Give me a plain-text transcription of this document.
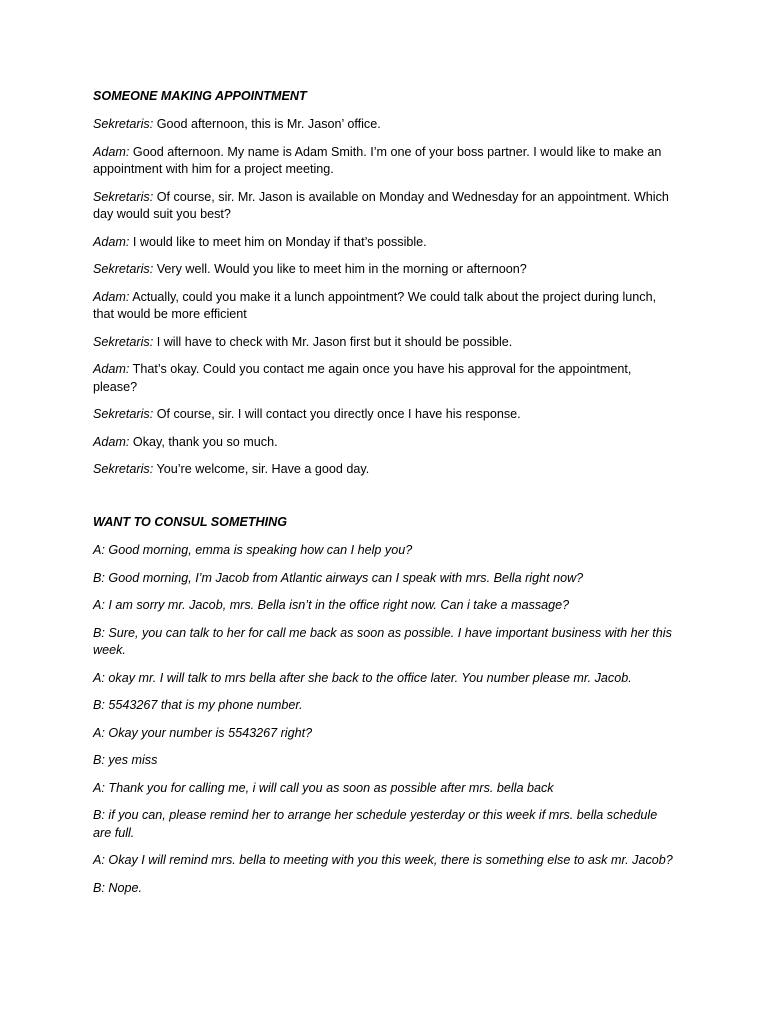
SOMEONE MAKING APPOINTMENT
Sekretaris: Good afternoon, this is Mr. Jason’ office.
Adam: Good afternoon. My name is Adam Smith. I’m one of your boss partner. I would like to make an appointment with him for a project meeting.
Sekretaris: Of course, sir. Mr. Jason is available on Monday and Wednesday for an appointment. Which day would suit you best?
Adam: I would like to meet him on Monday if that’s possible.
Sekretaris: Very well. Would you like to meet him in the morning or afternoon?
Adam: Actually, could you make it a lunch appointment? We could talk about the project during lunch, that would be more efficient
Sekretaris: I will have to check with Mr. Jason first but it should be possible.
Adam: That’s okay. Could you contact me again once you have his approval for the appointment, please?
Sekretaris: Of course, sir. I will contact you directly once I have his response.
Adam: Okay, thank you so much.
Sekretaris: You’re welcome, sir. Have a good day.
WANT TO CONSUL SOMETHING
A: Good morning, emma is speaking how can I help you?
B: Good morning, I’m Jacob from Atlantic airways can I speak with mrs. Bella right now?
A: I am sorry mr. Jacob, mrs. Bella isn’t in the office right now. Can i take a massage?
B: Sure, you can talk to her for call me back as soon as possible. I have important business with her this week.
A: okay mr. I will talk to mrs bella after she back to the office later. You number please mr. Jacob.
B: 5543267 that is my phone number.
A: Okay your number is 5543267 right?
B: yes miss
A: Thank you for calling me, i will call you as soon as possible after mrs. bella back
B: if you can, please remind her to arrange her schedule yesterday or this week if mrs. bella schedule are full.
A: Okay I will remind mrs. bella to meeting with you this week, there is something else to ask mr. Jacob?
B: Nope.
